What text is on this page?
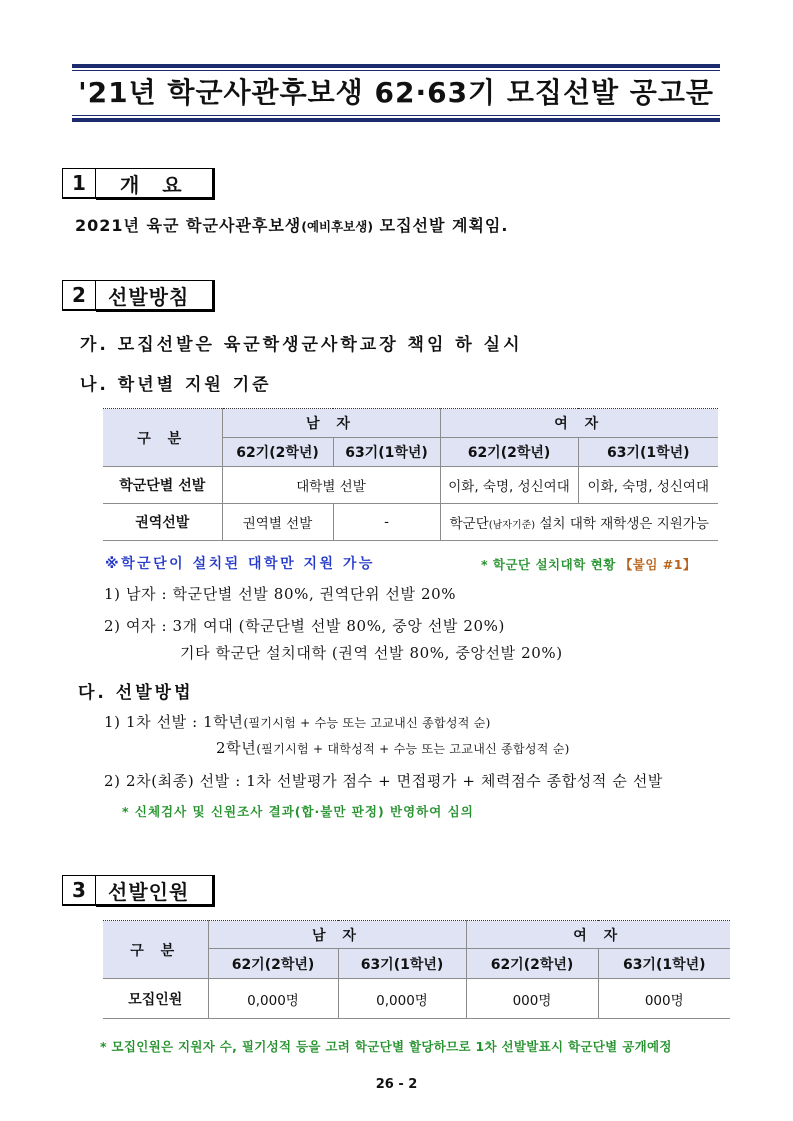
'21년 학군사관후보생 62·63기 모집선발 공고문
1	개 요
2021년 육군 학군사관후보생(예비후보생) 모집선발 계획임.
2	선발방침
가. 모집선발은 육군학생군사학교장 책임 하 실시
나. 학년별 지원 기준
구 분	남 자		여 자	
	62기(2학년)	63기(1학년)	62기(2학년)	63기(1학년)
학군단별 선발	대학별 선발		이화, 숙명, 성신여대	이화, 숙명, 성신여대
권역선발	권역별 선발	-	학군단(남자기준) 설치 대학 재학생은 지원가능	
※학군단이 설치된 대학만 지원 가능	* 학군단 설치대학 현황 【붙임 #1】
1) 남자 : 학군단별 선발 80%, 권역단위 선발 20%
2) 여자 : 3개 여대 (학군단별 선발 80%, 중앙 선발 20%)
기타 학군단 설치대학 (권역 선발 80%, 중앙선발 20%)
다. 선발방법
1) 1차 선발 : 1학년(필기시험 + 수능 또는 고교내신 종합성적 순)
2학년(필기시험 + 대학성적 + 수능 또는 고교내신 종합성적 순)
2) 2차(최종) 선발 : 1차 선발평가 점수 + 면접평가 + 체력점수 종합성적 순 선발
* 신체검사 및 신원조사 결과(합·불만 판정) 반영하여 심의
3	선발인원
구 분	남 자		여 자	
	62기(2학년)	63기(1학년)	62기(2학년)	63기(1학년)
모집인원	0,000명	0,000명	000명	000명
* 모집인원은 지원자 수, 필기성적 등을 고려 학군단별 할당하므로 1차 선발발표시 학군단별 공개예정
26 - 2
